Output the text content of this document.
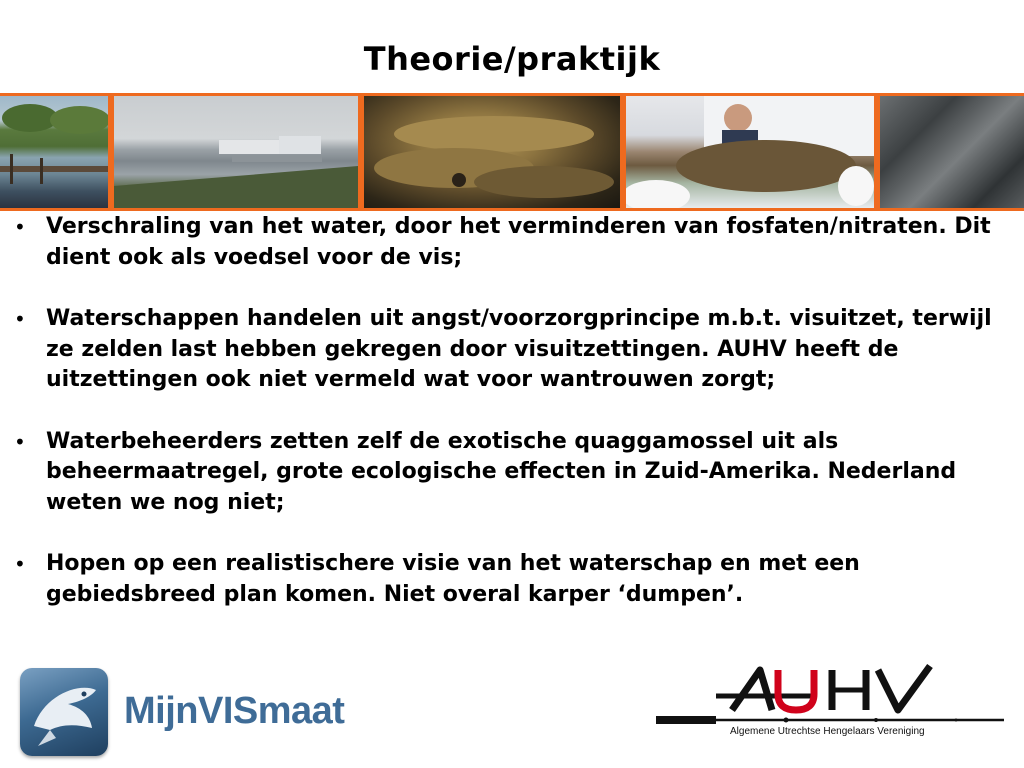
Theorie/praktijk
• Verschraling van het water, door het verminderen van fosfaten/nitraten. Dit dient ook als voedsel voor de vis;
• Waterschappen handelen uit angst/voorzorgprincipe m.b.t. visuitzet, terwijl ze zelden last hebben gekregen door visuitzettingen. AUHV heeft de uitzettingen ook niet vermeld wat voor wantrouwen zorgt;
• Waterbeheerders zetten zelf de exotische quaggamossel uit als beheermaatregel, grote ecologische effecten in Zuid-Amerika. Nederland weten we nog niet;
• Hopen op een realistischere visie van het waterschap en met een gebiedsbreed plan komen. Niet overal karper ‘dumpen’.
MijnVISmaat
AUHV
Algemene Utrechtse Hengelaars Vereniging
